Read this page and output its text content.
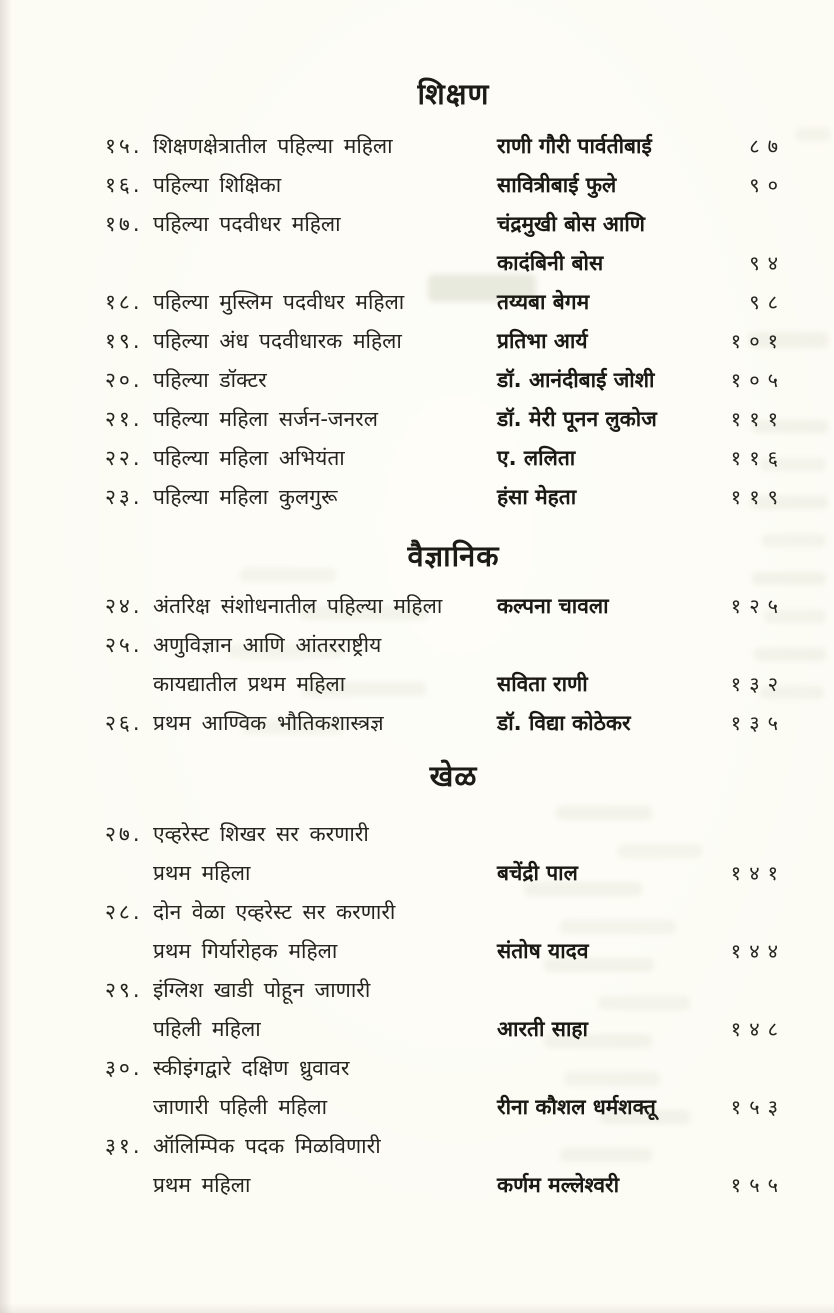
शिक्षण
१५. शिक्षणक्षेत्रातील पहिल्या महिला	राणी गौरी पार्वतीबाई	८७
१६. पहिल्या शिक्षिका	सावित्रीबाई फुले	९०
१७. पहिल्या पदवीधर महिला	चंद्रमुखी बोस आणि
कादंबिनी बोस	९४
१८. पहिल्या मुस्लिम पदवीधर महिला	तय्यबा बेगम	९८
१९. पहिल्या अंध पदवीधारक महिला	प्रतिभा आर्य	१०१
२०. पहिल्या डॉक्टर	डॉ. आनंदीबाई जोशी	१०५
२१. पहिल्या महिला सर्जन-जनरल	डॉ. मेरी पूनन लुकोज	१११
२२. पहिल्या महिला अभियंता	ए. ललिता	११६
२३. पहिल्या महिला कुलगुरू	हंसा मेहता	११९
वैज्ञानिक
२४. अंतरिक्ष संशोधनातील पहिल्या महिला	कल्पना चावला	१२५
२५. अणुविज्ञान आणि आंतरराष्ट्रीय
कायद्यातील प्रथम महिला	सविता राणी	१३२
२६. प्रथम आण्विक भौतिकशास्त्रज्ञ	डॉ. विद्या कोठेकर	१३५
खेळ
२७. एव्हरेस्ट शिखर सर करणारी
प्रथम महिला	बचेंद्री पाल	१४१
२८. दोन वेळा एव्हरेस्ट सर करणारी
प्रथम गिर्यारोहक महिला	संतोष यादव	१४४
२९. इंग्लिश खाडी पोहून जाणारी
पहिली महिला	आरती साहा	१४८
३०. स्कीइंगद्वारे दक्षिण ध्रुवावर
जाणारी पहिली महिला	रीना कौशल धर्मशक्तू	१५३
३१. ऑलिम्पिक पदक मिळविणारी
प्रथम महिला	कर्णम मल्लेश्वरी	१५५
